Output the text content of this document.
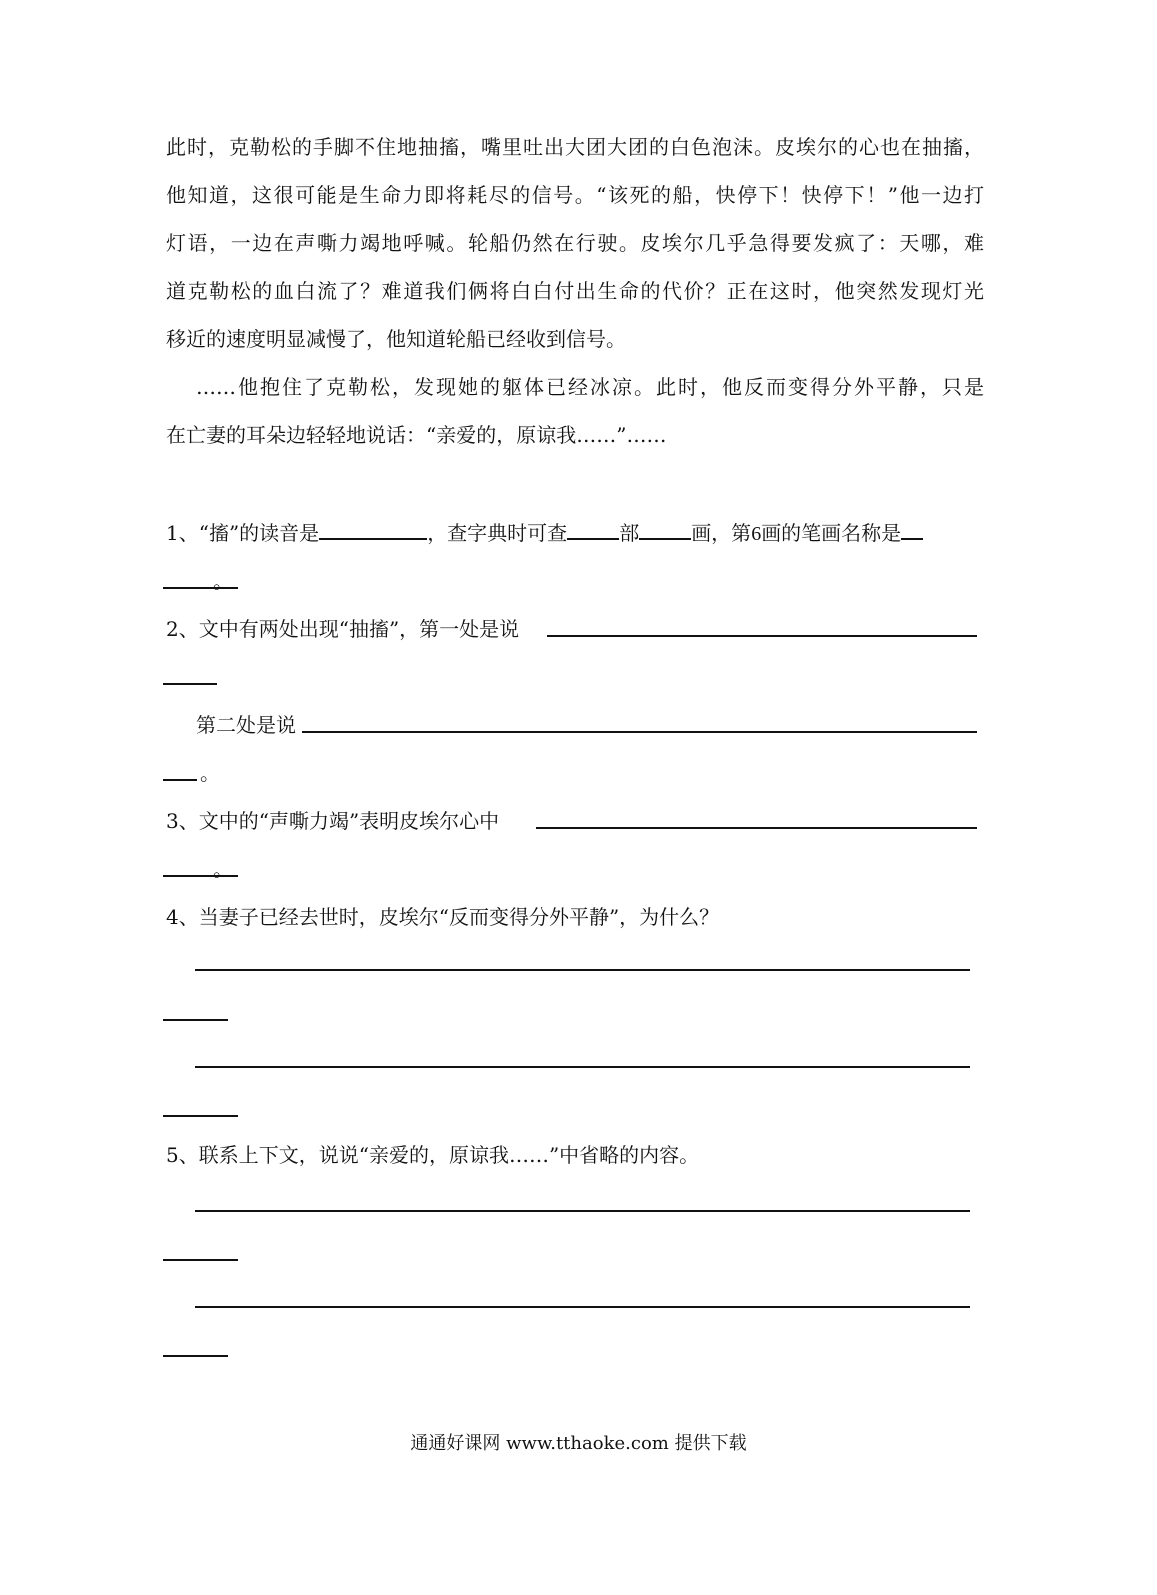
此时，克勒松的手脚不住地抽搐，嘴里吐出大团大团的白色泡沫。皮埃尔的心也在抽搐，
他知道，这很可能是生命力即将耗尽的信号。“该死的船，快停下！快停下！”他一边打
灯语，一边在声嘶力竭地呼喊。轮船仍然在行驶。皮埃尔几乎急得要发疯了：天哪，难
道克勒松的血白流了？难道我们俩将白白付出生命的代价？正在这时，他突然发现灯光
移近的速度明显减慢了，他知道轮船已经收到信号。
……他抱住了克勒松，发现她的躯体已经冰凉。此时，他反而变得分外平静，只是
在亡妻的耳朵边轻轻地说话：“亲爱的，原谅我……”……
1、“搐”的读音是	，查字典时可查	部	画，第6画的笔画名称是
。
2、文中有两处出现“抽搐”，第一处是说
第二处是说
。
3、文中的“声嘶力竭”表明皮埃尔心中
。
4、当妻子已经去世时，皮埃尔“反而变得分外平静”，为什么？
5、联系上下文，说说“亲爱的，原谅我……”中省略的内容。
通通好课网 www.tthaoke.com 提供下载
